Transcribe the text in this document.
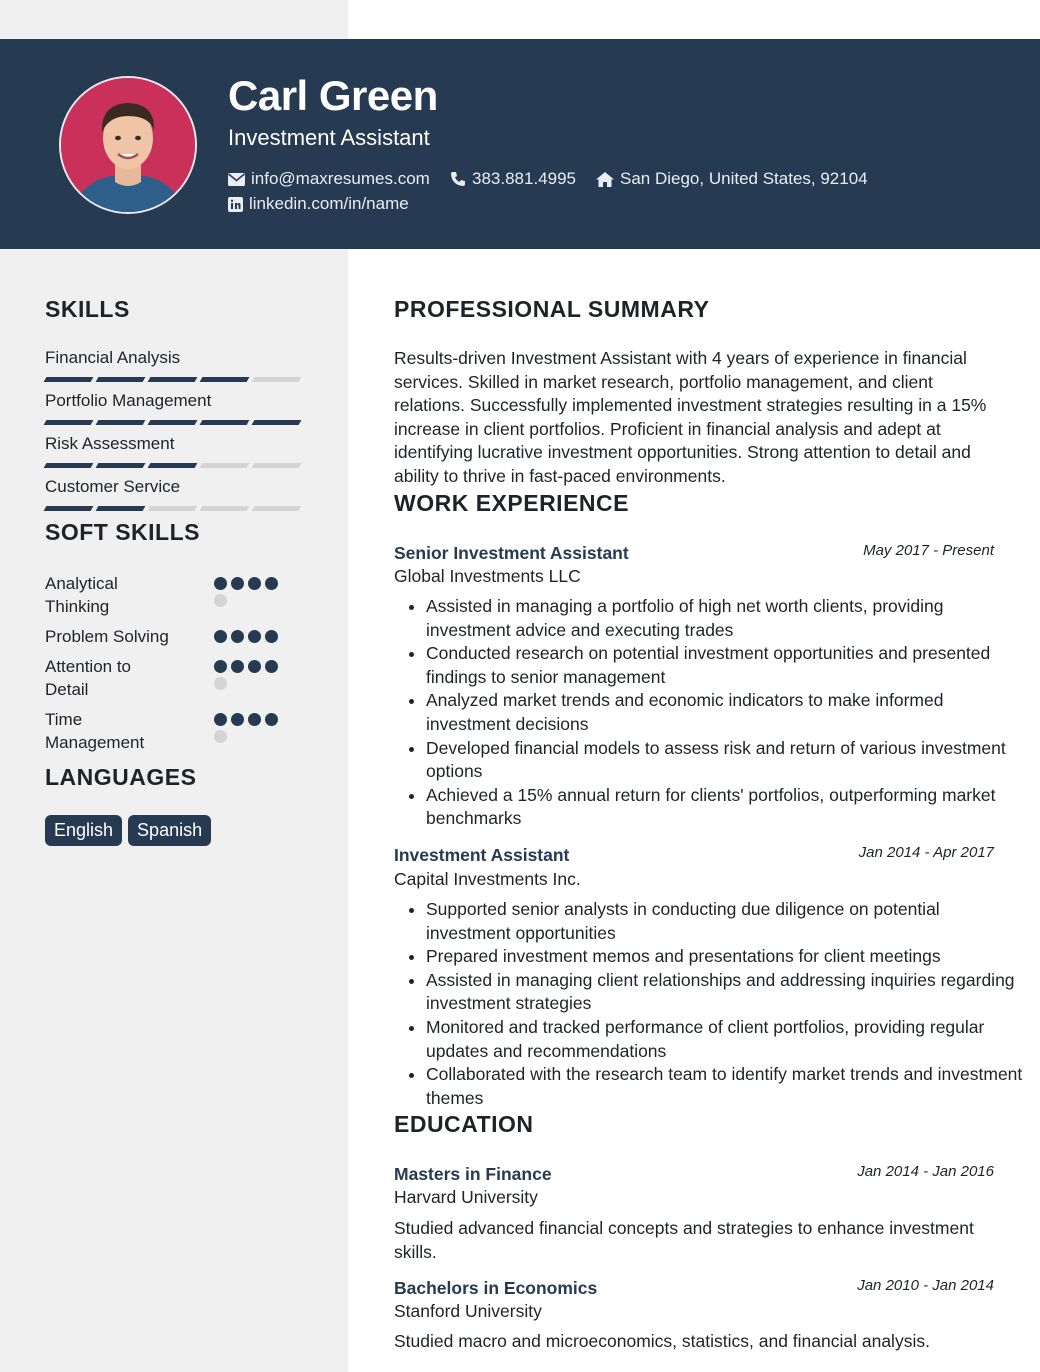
Carl Green
Investment Assistant
info@maxresumes.com 383.881.4995	San Diego, United States, 92104
linkedin.com/in/name
SKILLS
Financial Analysis
Portfolio Management
Risk Assessment
Customer Service
SOFT SKILLS
Analytical Thinking
Problem Solving
Attention to Detail
Time Management
LANGUAGES
English	Spanish
PROFESSIONAL SUMMARY
Results-driven Investment Assistant with 4 years of experience in financial services. Skilled in market research, portfolio management, and client relations. Successfully implemented investment strategies resulting in a 15% increase in client portfolios. Proficient in financial analysis and adept at identifying lucrative investment opportunities. Strong attention to detail and ability to thrive in fast-paced environments.
WORK EXPERIENCE
Senior Investment Assistant	May 2017 - Present
Global Investments LLC
• Assisted in managing a portfolio of high net worth clients, providing investment advice and executing trades
• Conducted research on potential investment opportunities and presented findings to senior management
• Analyzed market trends and economic indicators to make informed investment decisions
• Developed financial models to assess risk and return of various investment options
• Achieved a 15% annual return for clients' portfolios, outperforming market benchmarks
Investment Assistant	Jan 2014 - Apr 2017
Capital Investments Inc.
• Supported senior analysts in conducting due diligence on potential investment opportunities
• Prepared investment memos and presentations for client meetings
• Assisted in managing client relationships and addressing inquiries regarding investment strategies
• Monitored and tracked performance of client portfolios, providing regular updates and recommendations
• Collaborated with the research team to identify market trends and investment themes
EDUCATION
Masters in Finance	Jan 2014 - Jan 2016
Harvard University
Studied advanced financial concepts and strategies to enhance investment skills.
Bachelors in Economics	Jan 2010 - Jan 2014
Stanford University
Studied macro and microeconomics, statistics, and financial analysis.
